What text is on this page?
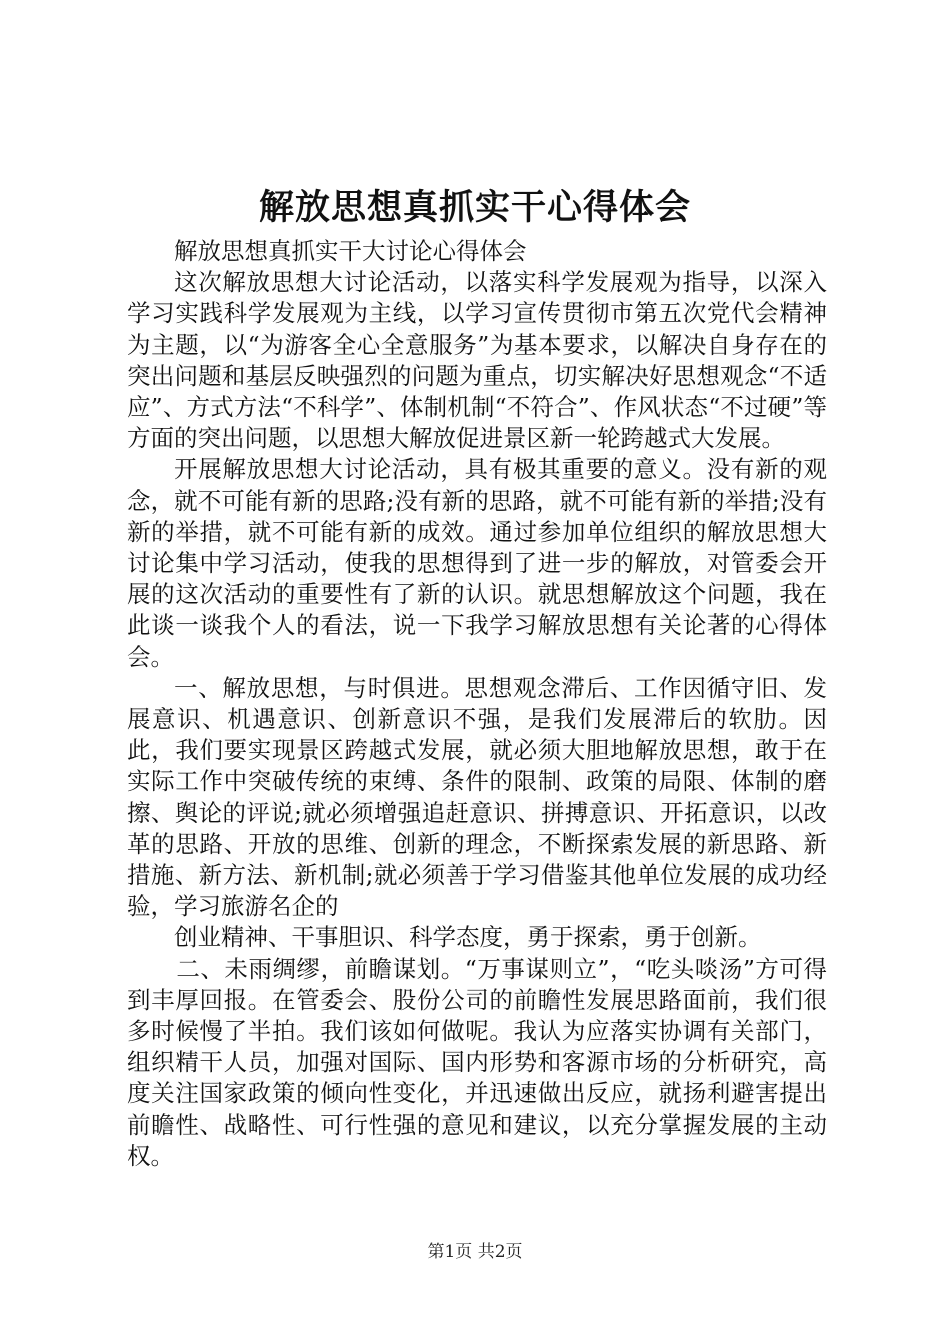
解放思想真抓实干心得体会

解放思想真抓实干大讨论心得体会

这次解放思想大讨论活动，以落实科学发展观为指导，以深入学习实践科学发展观为主线，以学习宣传贯彻市第五次党代会精神为主题，以“为游客全心全意服务”为基本要求，以解决自身存在的突出问题和基层反映强烈的问题为重点，切实解决好思想观念“不适应”、方式方法“不科学”、体制机制“不符合”、作风状态“不过硬”等方面的突出问题，以思想大解放促进景区新一轮跨越式大发展。

开展解放思想大讨论活动，具有极其重要的意义。没有新的观念，就不可能有新的思路;没有新的思路，就不可能有新的举措;没有新的举措，就不可能有新的成效。通过参加单位组织的解放思想大讨论集中学习活动，使我的思想得到了进一步的解放，对管委会开展的这次活动的重要性有了新的认识。就思想解放这个问题，我在此谈一谈我个人的看法，说一下我学习解放思想有关论著的心得体会。

一、解放思想，与时俱进。思想观念滞后、工作因循守旧、发展意识、机遇意识、创新意识不强，是我们发展滞后的软肋。因此，我们要实现景区跨越式发展，就必须大胆地解放思想，敢于在实际工作中突破传统的束缚、条件的限制、政策的局限、体制的磨擦、舆论的评说;就必须增强追赶意识、拼搏意识、开拓意识，以改革的思路、开放的思维、创新的理念，不断探索发展的新思路、新措施、新方法、新机制;就必须善于学习借鉴其他单位发展的成功经验，学习旅游名企的

创业精神、干事胆识、科学态度，勇于探索，勇于创新。

二、未雨绸缪，前瞻谋划。“万事谋则立”，“吃头啖汤”方可得到丰厚回报。在管委会、股份公司的前瞻性发展思路面前，我们很多时候慢了半拍。我们该如何做呢。我认为应落实协调有关部门，组织精干人员，加强对国际、国内形势和客源市场的分析研究，高度关注国家政策的倾向性变化，并迅速做出反应，就扬利避害提出前瞻性、战略性、可行性强的意见和建议，以充分掌握发展的主动权。

第1页 共2页
